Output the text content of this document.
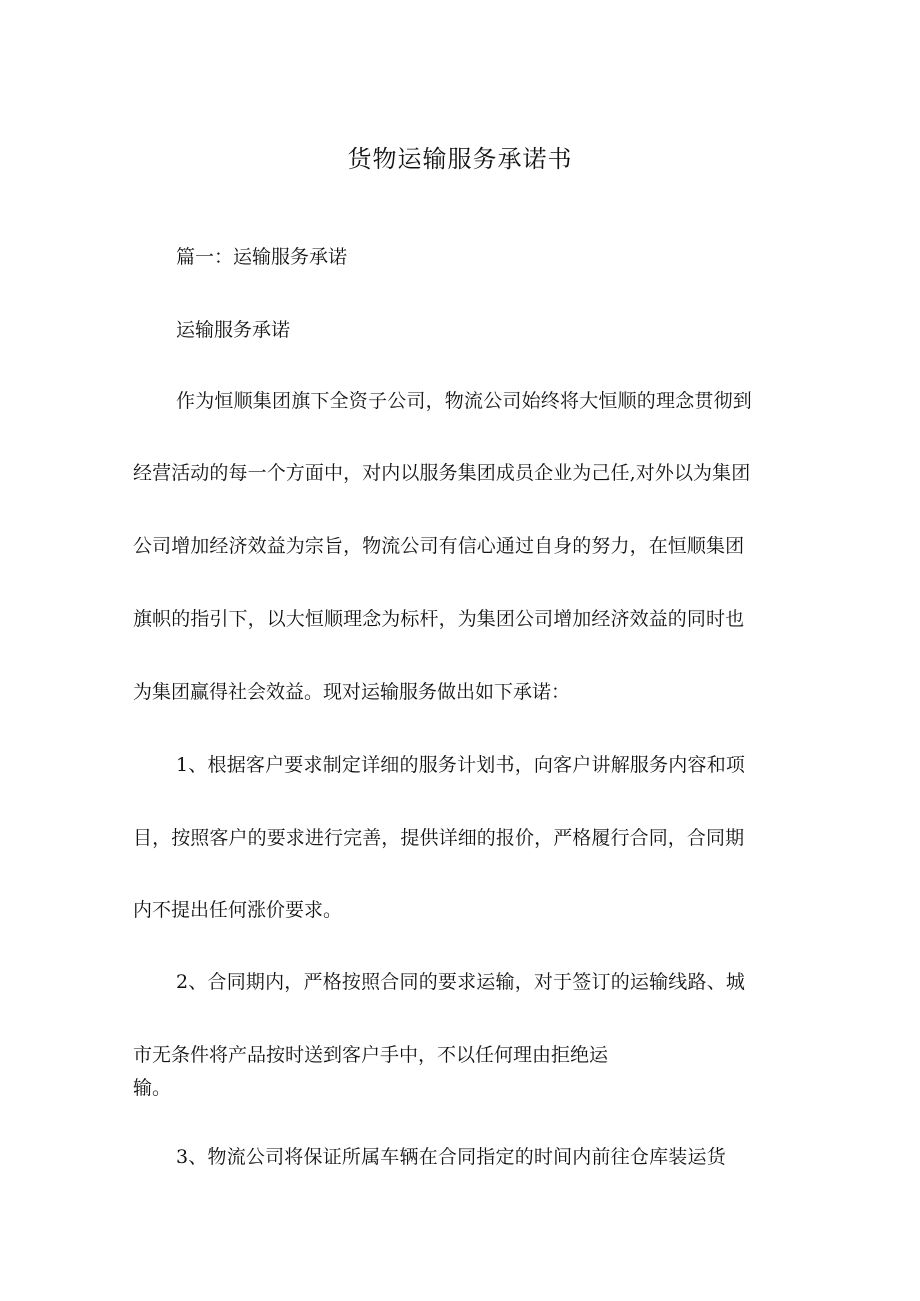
货物运输服务承诺书

篇一：运输服务承诺

运输服务承诺

作为恒顺集团旗下全资子公司，物流公司始终将大恒顺的理念贯彻到

经营活动的每一个方面中，对内以服务集团成员企业为己任,对外以为集团

公司增加经济效益为宗旨，物流公司有信心通过自身的努力，在恒顺集团

旗帜的指引下，以大恒顺理念为标杆，为集团公司增加经济效益的同时也

为集团赢得社会效益。现对运输服务做出如下承诺：

1、根据客户要求制定详细的服务计划书，向客户讲解服务内容和项

目，按照客户的要求进行完善，提供详细的报价，严格履行合同，合同期

内不提出任何涨价要求。

2、合同期内，严格按照合同的要求运输，对于签订的运输线路、城

市无条件将产品按时送到客户手中，不以任何理由拒绝运

输。

3、物流公司将保证所属车辆在合同指定的时间内前往仓库装运货
